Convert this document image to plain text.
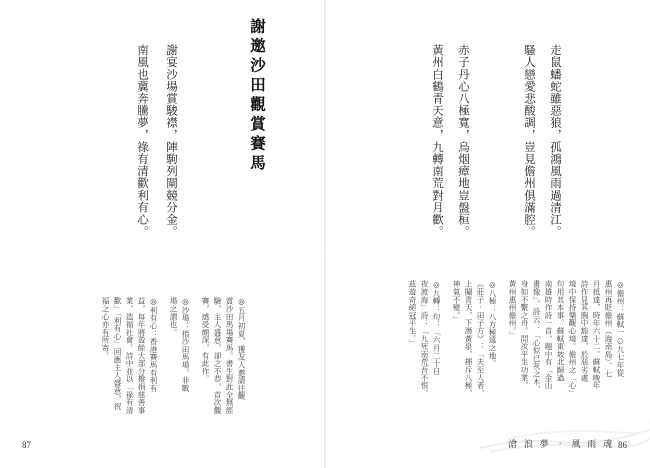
謝邀沙田觀賞賽馬

謝宴沙場賞駿襟，陣駒列閘競分金。

南風也冀奔騰夢，祿有清歡利有心。

◎五月初夏，獲友人邀請往觀

賞沙田馬場賽馬。書生對此全無經

驗，主人盛意，卻之不恭，首次觀

賽，感受頗深，有此作。

◎沙場：指沙田馬場，非戰

場之謂也。

◎利有心：香港賽馬有利有

益，每年將盈餘大部分撥捐慈善事

業，造福社會。詩中並以「祿有清

歡」「利有心」回應主人盛意，祝

福之心亦有所寄。

87

走鼠蟠蛇雖惡狼，孤鴻風雨過清江。

騷人戀愛悲酸調，豈見儋州俱滿腔。

赤子丹心八極寬，烏烟瘴地豈盤桓。

黃州白鶴青天意，九轉南荒對月歡。

◎儋州：蘇軾一○九七年從

惠州再貶儋州（海南島）。七

月抵達，時年六十二。蘇軾晚年

詩作見其胸中豁達，於惡劣處

境中保持樂觀心境。儋州之「心」

句用其本事。蘇軾東坡北歸過

南雄時作詩一首，題中有「金山

畫像」，詩云：「心似已灰之木，

身如不繫之舟。問汝平生功業，

黃州惠州儋州。」

◎八極：八方極遠之地。

《莊子‧田子方》：「夫至人者，

上闚青天，下潛黃泉，揮斥八極，

神氣不變。」

◎九轉：句：「六月二十日

夜渡海」詩：「九死南荒吾不恨，

茲遊奇絕冠平生。」

滄 浪 夢 ‧ 風 雨 魂 86
